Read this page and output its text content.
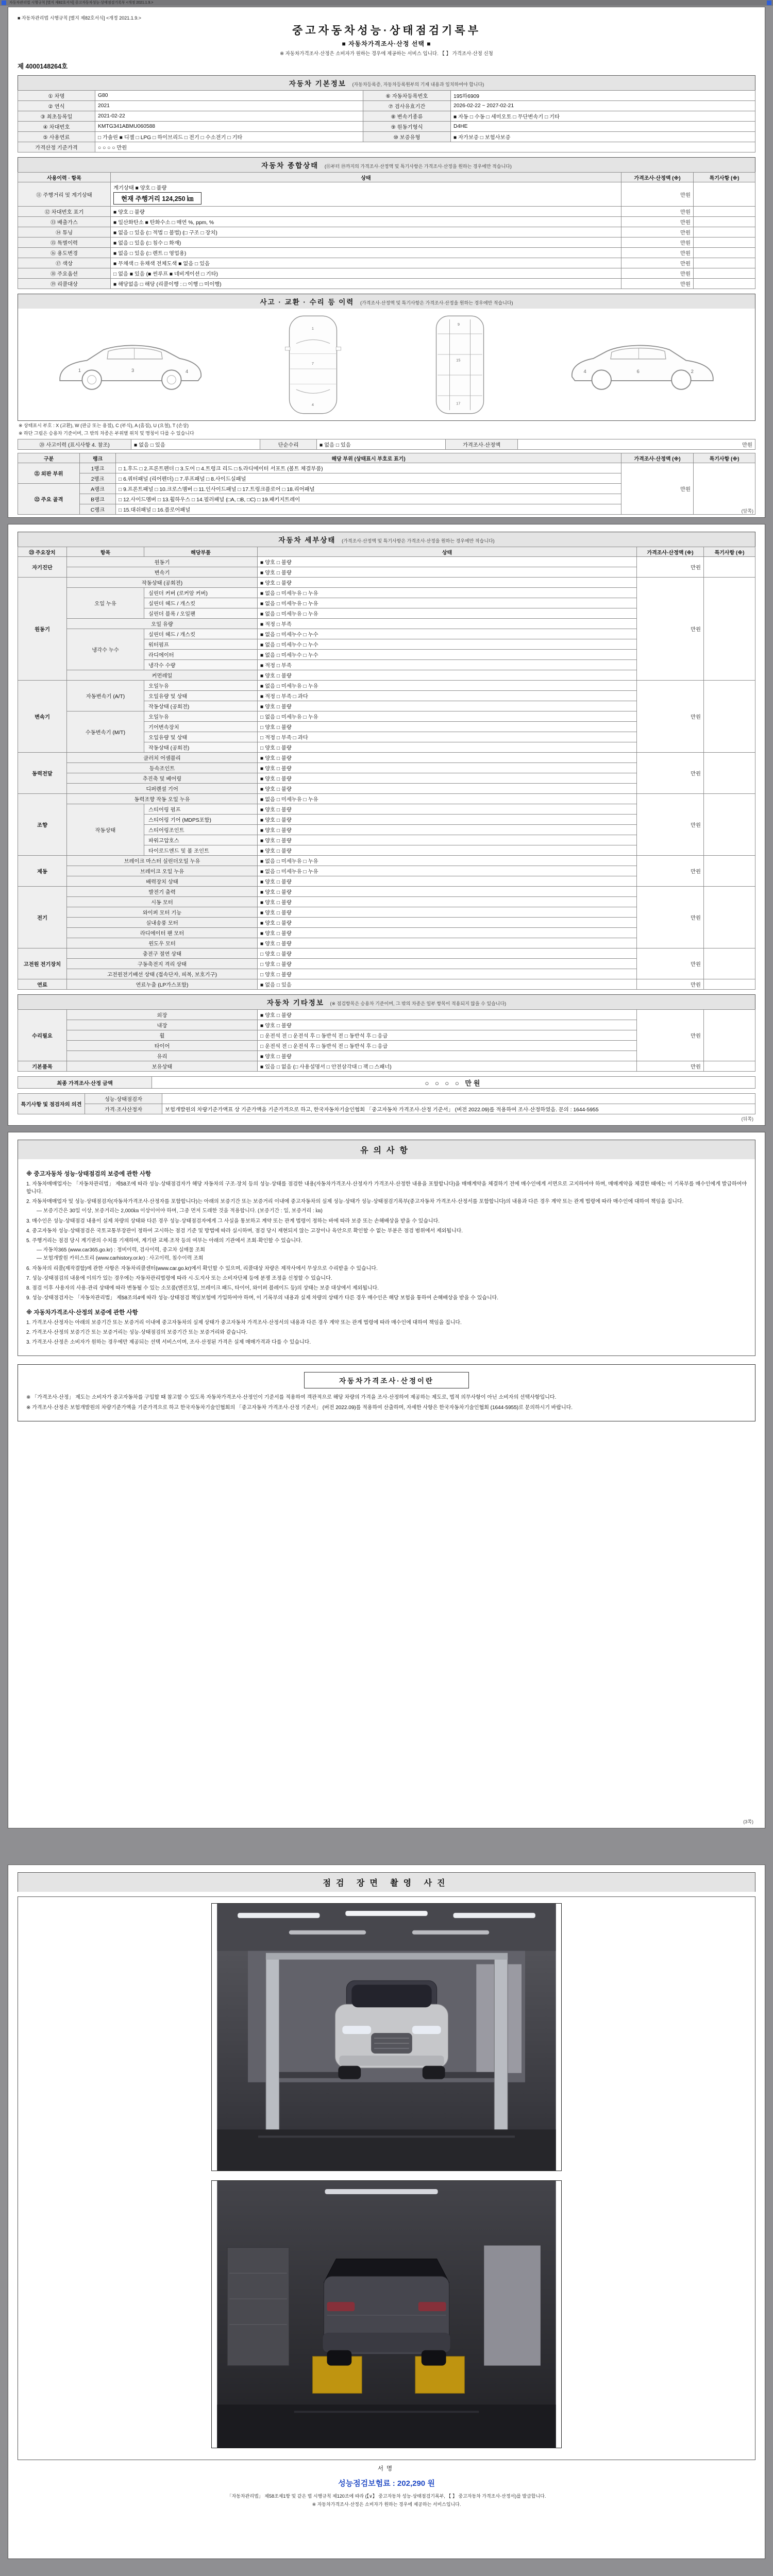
자동차관리법 시행규칙 [별지 제82호서식] 중고자동차성능·상태점검기록부 <개정 2021.1.9.>
■ 자동차관리법 시행규칙 [별지 제82호서식] <개정 2021.1.9.>
중고자동차성능·상태점검기록부
■ 자동차가격조사·산정 선택 ■
※ 자동차가격조사·산정은 소비자가 원하는 경우에 제공하는 서비스 입니다. 【 】 가격조사·산정 신청
제 4000148264호
자동차 기본정보 (자동차등록증, 자동차등록원부의 기재 내용과 일치하여야 합니다)
① 차명	G80	⑥ 자동차등록번호	195하6909
② 연식	2021	⑦ 검사유효기간	2026-02-22 ~ 2027-02-21
③ 최초등록일	2021-02-22	⑧ 변속기종류	■ 자동 □ 수동 □ 세미오토 □ 무단변속기 □ 기타
④ 차대번호	KMTG341ABMU060588	⑨ 원동기형식	D4HE
⑤ 사용연료	□ 가솔린 ■ 디젤 □ LPG □ 하이브리드 □ 전기 □ 수소전기 □ 기타	⑩ 보증유형	■ 자가보증 □ 보험사보증
가격산정 기준가격	○ ○ ○ ○ 만원		
자동차 종합상태 (⑪부터 ⑲까지의 가격조사·산정액 및 특기사항은 가격조사·산정을 원하는 경우에만 적습니다)
사용이력 · 항목	상태	가격조사·산정액 (※)	특기사항 (※)
⑪ 주행거리 및 계기상태	계기상태 ■ 양호 □ 불량
현재 주행거리 124,250 ㎞	만원	
⑫ 차대번호 표기	■ 양호 □ 불량	만원	
⑬ 배출가스	■ 일산화탄소 ■ 탄화수소 □ 매연 %, ppm, %	만원	
⑭ 튜닝	■ 없음 □ 있음 (□ 적법 □ 불법) (□ 구조 □ 장치)	만원	
⑮ 특별이력	■ 없음 □ 있음 (□ 침수 □ 화재)	만원	
⑯ 용도변경	■ 없음 □ 있음 (□ 렌트 □ 영업용)	만원	
⑰ 색상	■ 무채색 □ 유채색 전체도색 ■ 없음 □ 있음	만원	
⑱ 주요옵션	□ 없음 ■ 있음 (■ 썬루프 ■ 네비게이션 □ 기타)	만원	
⑲ 리콜대상	■ 해당없음 □ 해당 (리콜이행 : □ 이행 □ 미이행)	만원	
사고 · 교환 · 수리 등 이력 (가격조사·산정액 및 특기사항은 가격조사·산정을 원하는 경우에만 적습니다)
1	3	4
1
7
4
9
15
17
4	6	2
※ 상태표시 부호 : X (교환), W (판금 또는 용접), C (부식), A (흠집), U (요철), T (손상)
※ 하단 그림은 승용차 기준이며, 그 밖의 차종은 부위별 위치 및 명칭이 다를 수 있습니다
⑳ 사고이력 (표시사항 4. 참조)	■ 없음 □ 있음	단순수리	■ 없음 □ 있음	가격조사·산정액	만원
구분	랭크	해당 부위 (상태표시 부호로 표기)	가격조사·산정액 (※)	특기사항 (※)
㉑ 외판 부위	1랭크	□ 1.후드 □ 2.프론트펜더 □ 3.도어 □ 4.트렁크 리드 □ 5.라디에이터 서포트 (볼트 체결부품)	만원	
	2랭크	□ 6.쿼터패널 (리어펜더) □ 7.루프패널 □ 8.사이드실패널		
㉒ 주요 골격	A랭크	□ 9.프론트패널 □ 10.크로스멤버 □ 11.인사이드패널 □ 17.트렁크플로어 □ 18.리어패널		
	B랭크	□ 12.사이드멤버 □ 13.휠하우스 □ 14.필러패널 (□A, □B, □C) □ 19.패키지트레이		
	C랭크	□ 15.대쉬패널 □ 16.플로어패널			(앞쪽)
자동차 세부상태 (가격조사·산정액 및 특기사항은 가격조사·산정을 원하는 경우에만 적습니다)
㉓ 주요장치	항목	해당부품	상태	가격조사·산정액 (※)	특기사항 (※)
자기진단	원동기		■ 양호 □ 불량	만원	
	변속기		■ 양호 □ 불량		
원동기	작동상태 (공회전)		■ 양호 □ 불량	만원	
	오일 누유	실린더 커버 (로커암 커버)	■ 없음 □ 미세누유 □ 누유		
		실린더 헤드 / 개스킷	■ 없음 □ 미세누유 □ 누유		
		실린더 블록 / 오일팬	■ 없음 □ 미세누유 □ 누유		
	오일 유량		■ 적정 □ 부족		
	냉각수 누수	실린더 헤드 / 개스킷	■ 없음 □ 미세누수 □ 누수		
		워터펌프	■ 없음 □ 미세누수 □ 누수		
		라디에이터	■ 없음 □ 미세누수 □ 누수		
		냉각수 수량	■ 적정 □ 부족		
	커먼레일		■ 양호 □ 불량		
변속기	자동변속기 (A/T)	오일누유	■ 없음 □ 미세누유 □ 누유	만원	
		오일유량 및 상태	■ 적정 □ 부족 □ 과다		
		작동상태 (공회전)	■ 양호 □ 불량		
	수동변속기 (M/T)	오일누유	□ 없음 □ 미세누유 □ 누유		
		기어변속장치	□ 양호 □ 불량		
		오일유량 및 상태	□ 적정 □ 부족 □ 과다		
		작동상태 (공회전)	□ 양호 □ 불량		
동력전달	클러치 어셈블리		■ 양호 □ 불량	만원	
	등속조인트		■ 양호 □ 불량		
	추진축 및 베어링		■ 양호 □ 불량		
	디퍼렌셜 기어		■ 양호 □ 불량		
조향	동력조향 작동 오일 누유		■ 없음 □ 미세누유 □ 누유	만원	
	작동상태	스티어링 펌프	■ 양호 □ 불량		
		스티어링 기어 (MDPS포함)	■ 양호 □ 불량		
		스티어링조인트	■ 양호 □ 불량		
		파워고압호스	■ 양호 □ 불량		
		타이로드엔드 및 볼 조인트	■ 양호 □ 불량		
제동	브레이크 마스터 실린더오일 누유		■ 없음 □ 미세누유 □ 누유	만원	
	브레이크 오일 누유		■ 없음 □ 미세누유 □ 누유		
	배력장치 상태		■ 양호 □ 불량		
전기	발전기 출력		■ 양호 □ 불량	만원	
	시동 모터		■ 양호 □ 불량		
	와이퍼 모터 기능		■ 양호 □ 불량		
	실내송풍 모터		■ 양호 □ 불량		
	라디에이터 팬 모터		■ 양호 □ 불량		
	윈도우 모터		■ 양호 □ 불량		
고전원 전기장치	충전구 절연 상태		□ 양호 □ 불량	만원	
	구동축전지 격리 상태		□ 양호 □ 불량		
	고전원전기배선 상태 (접속단자, 피복, 보호기구)		□ 양호 □ 불량		
연료	연료누출 (LP가스포함)		■ 없음 □ 있음	만원	
자동차 기타정보 (※ 점검항목은 승용차 기준이며, 그 밖의 차종은 일부 항목이 적용되지 않을 수 있습니다)
수리필요	외장	■ 양호 □ 불량	만원	
	내장	■ 양호 □ 불량		
	휠	□ 운전석 전 □ 운전석 후 □ 동반석 전 □ 동반석 후 □ 응급		
	타이어	□ 운전석 전 □ 운전석 후 □ 동반석 전 □ 동반석 후 □ 응급		
	유리	■ 양호 □ 불량		
기본품목	보유상태	■ 있음 □ 없음 (□ 사용설명서 □ 안전삼각대 □ 잭 □ 스패너)	만원	
최종 가격조사·산정 금액	○ ○ ○ ○ 만원
특기사항 및 점검자의 의견	성능·상태점검자	
	가격·조사산정자	보험개발원의 차량기준가액표 상 기준가액을 기준가격으로 하고, 한국자동차기술인협회 「중고자동차 가격조사·산정 기준서」 (버전 2022.09)를 적용하여 조사·산정하였음. 문의 : 1644-5955
(뒤쪽)
유의사항
※ 중고자동차 성능·상태점검의 보증에 관한 사항
1. 자동차매매업자는 「자동차관리법」 제58조에 따라 성능·상태점검자가 해당 자동차의 구조·장치 등의 성능·상태를 점검한 내용(자동차가격조사·산정자가 가격조사·산정한 내용을 포함합니다)을 매매계약을 체결하기 전에 매수인에게 서면으로 고지하여야 하며, 매매계약을 체결한 때에는 이 기록부를 매수인에게 발급하여야 합니다.
2. 자동차매매업자 및 성능·상태점검자(자동차가격조사·산정자를 포함합니다)는 아래의 보증기간 또는 보증거리 이내에 중고자동차의 실제 성능·상태가 성능·상태점검기록부(중고자동차 가격조사·산정서를 포함합니다)의 내용과 다른 경우 계약 또는 관계 법령에 따라 매수인에 대하여 책임을 집니다.
— 보증기간은 30일 이상, 보증거리는 2,000㎞ 이상이어야 하며, 그중 먼저 도래한 것을 적용합니다. (보증기간 : 일, 보증거리 : ㎞)
3. 매수인은 성능·상태점검 내용이 실제 차량의 상태와 다른 경우 성능·상태점검자에게 그 사실을 통보하고 계약 또는 관계 법령이 정하는 바에 따라 보증 또는 손해배상을 받을 수 있습니다.
4. 중고자동차 성능·상태점검은 국토교통부장관이 정하여 고시하는 점검 기준 및 방법에 따라 실시하며, 점검 당시 재현되지 않는 고장이나 육안으로 확인할 수 없는 부분은 점검 범위에서 제외됩니다.
5. 주행거리는 점검 당시 계기판의 수치를 기재하며, 계기판 교체·조작 등의 여부는 아래의 기관에서 조회·확인할 수 있습니다.
— 자동차365 (www.car365.go.kr) : 정비이력, 검사이력, 중고차 실매물 조회
— 보험개발원 카히스토리 (www.carhistory.or.kr) : 사고이력, 침수이력 조회
6. 자동차의 리콜(제작결함)에 관한 사항은 자동차리콜센터(www.car.go.kr)에서 확인할 수 있으며, 리콜대상 차량은 제작사에서 무상으로 수리받을 수 있습니다.
7. 성능·상태점검의 내용에 이의가 있는 경우에는 자동차관리법령에 따라 시·도지사 또는 소비자단체 등에 분쟁 조정을 신청할 수 있습니다.
8. 점검 이후 사용자의 사용·관리 상태에 따라 변동될 수 있는 소모품(엔진오일, 브레이크 패드, 타이어, 와이퍼 블레이드 등)의 상태는 보증 대상에서 제외됩니다.
9. 성능·상태점검자는 「자동차관리법」 제58조의4에 따라 성능·상태점검 책임보험에 가입하여야 하며, 이 기록부의 내용과 실제 차량의 상태가 다른 경우 매수인은 해당 보험을 통하여 손해배상을 받을 수 있습니다.
※ 자동차가격조사·산정의 보증에 관한 사항
1. 가격조사·산정자는 아래의 보증기간 또는 보증거리 이내에 중고자동차의 실제 상태가 중고자동차 가격조사·산정서의 내용과 다른 경우 계약 또는 관계 법령에 따라 매수인에 대하여 책임을 집니다.
2. 가격조사·산정의 보증기간 또는 보증거리는 성능·상태점검의 보증기간 또는 보증거리와 같습니다.
3. 가격조사·산정은 소비자가 원하는 경우에만 제공되는 선택 서비스이며, 조사·산정된 가격은 실제 매매가격과 다를 수 있습니다.
자동차가격조사·산정이란

※ 「가격조사·산정」 제도는 소비자가 중고자동차를 구입할 때 참고할 수 있도록 자동차가격조사·산정인이 기준서를 적용하여 객관적으로 해당 차량의 가격을 조사·산정하여 제공하는 제도로, 법적 의무사항이 아닌 소비자의 선택사항입니다.

※ 가격조사·산정은 보험개발원의 차량기준가액을 기준가격으로 하고 한국자동차기술인협회의 「중고자동차 가격조사·산정 기준서」 (버전 2022.09)를 적용하여 산출하며, 자세한 사항은 한국자동차기술인협회 (1644-5955)로 문의하시기 바랍니다.

(3쪽)
점검 장면 촬영 사진
서명
성능점검보험료 : 202,290 원
「자동차관리법」 제58조제1항 및 같은 법 시행규칙 제120조에 따라 (【∨】 중고자동차 성능·상태점검기록부, 【 】 중고자동차 가격조사·산정서)를 발급합니다.
※ 자동차가격조사·산정은 소비자가 원하는 경우에 제공하는 서비스입니다.
